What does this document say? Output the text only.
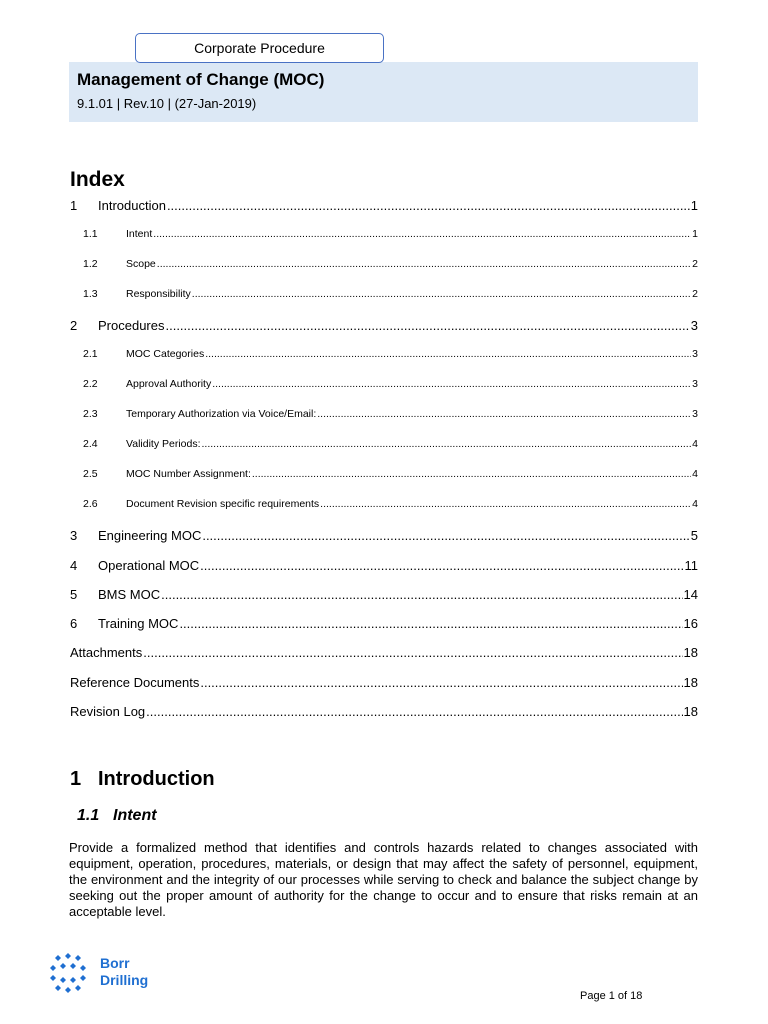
Corporate Procedure
Management of Change (MOC)
9.1.01 | Rev.10 | (27-Jan-2019)
Index
1	Introduction .....	1
1.1	Intent .....	1
1.2	Scope .....	2
1.3	Responsibility .....	2
2	Procedures .....	3
2.1	MOC Categories .....	3
2.2	Approval Authority .....	3
2.3	Temporary Authorization via Voice/Email: .....	3
2.4	Validity Periods: .....	4
2.5	MOC Number Assignment: .....	4
2.6	Document Revision specific requirements .....	4
3	Engineering MOC .....	5
4	Operational MOC .....	11
5	BMS MOC .....	14
6	Training MOC .....	16
Attachments .....	18
Reference Documents .....	18
Revision Log .....	18
1 Introduction
1.1 Intent

Provide a formalized method that identifies and controls hazards related to changes associated with equipment, operation, procedures, materials, or design that may affect the safety of personnel, equipment, the environment and the integrity of our processes while serving to check and balance the subject change by seeking out the proper amount of authority for the change to occur and to ensure that risks remain at an acceptable level.

Borr
Drilling
Page 1 of 18
